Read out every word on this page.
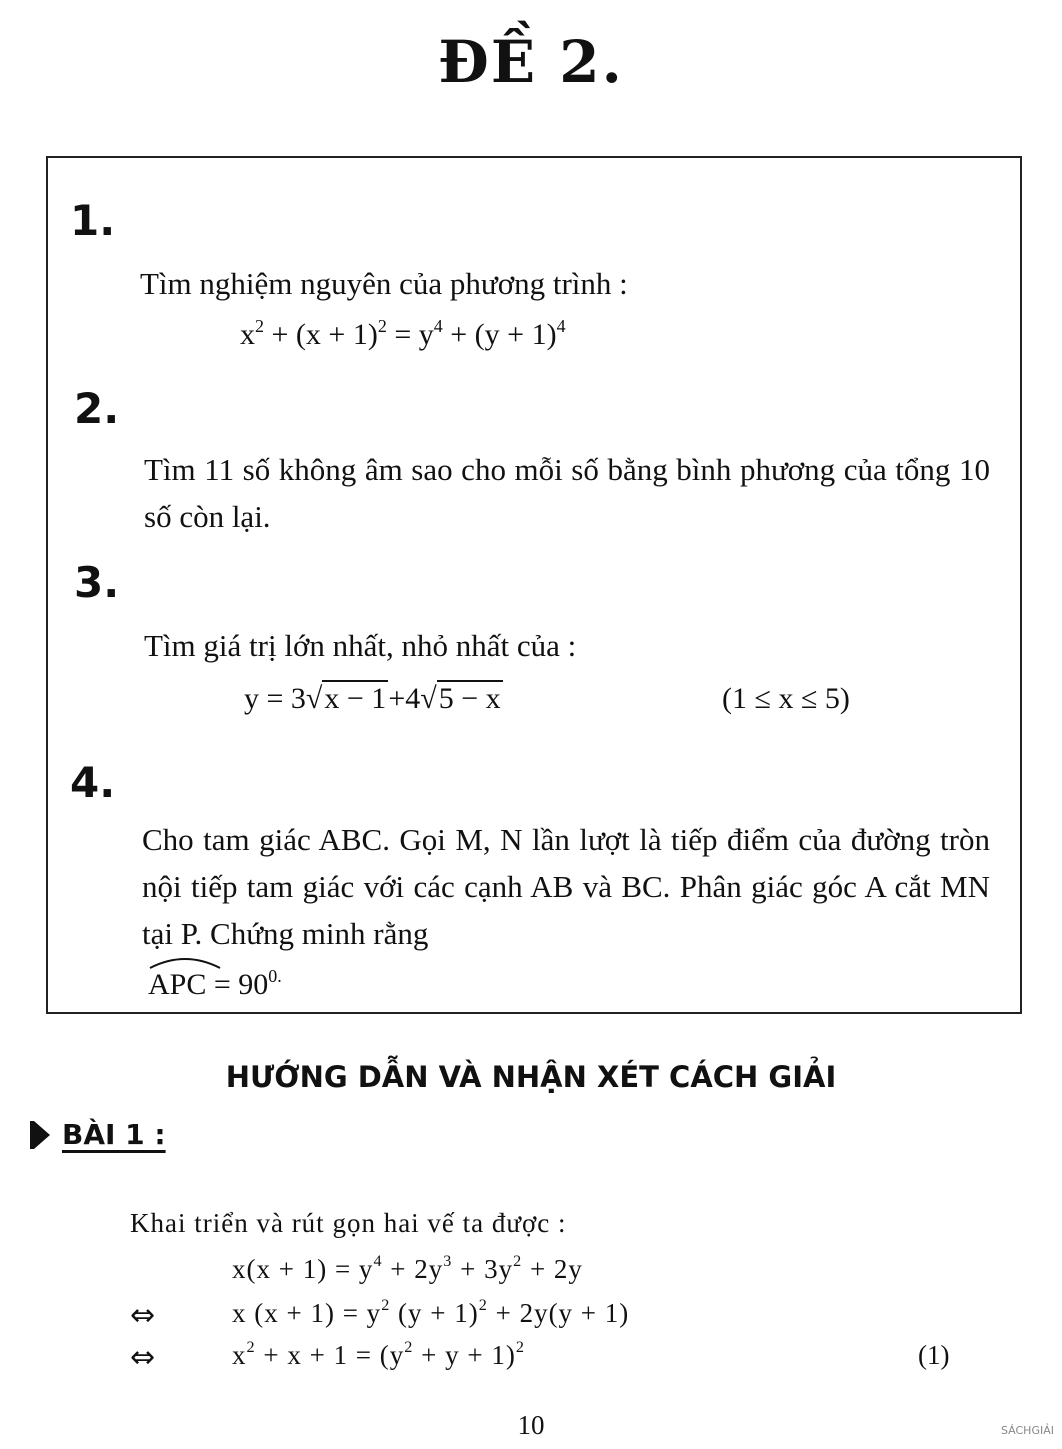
ĐỀ 2.
1.
Tìm nghiệm nguyên của phương trình :
$x^2 + (x + 1)^2 = y^4 + (y + 1)^4$
2.
Tìm 11 số không âm sao cho mỗi số bằng bình phương của tổng 10 số còn lại.
3.
Tìm giá trị lớn nhất, nhỏ nhất của :
y = 3√x − 1+4√5 − x	(1 ≤ x ≤ 5)
4.
Cho tam giác ABC. Gọi M, N lần lượt là tiếp điểm của đường tròn nội tiếp tam giác với các cạnh AB và BC. Phân giác góc A cắt MN tại P. Chứng minh rằng
APC = $90^{0.}$
HƯỚNG DẪN VÀ NHẬN XÉT CÁCH GIẢI
BÀI 1 :
Khai triển và rút gọn hai vế ta được :
$x(x + 1) = y^4 + 2y^3 + 3y^2 + 2y$
⇔	x $(x + 1) = y^2$ $(y + 1)^2 + 2y(y + 1)$
⇔	$x^2 + x + 1 = (y^2 + y + 1)^2$	(1)
10	SÁCHGIẢI
